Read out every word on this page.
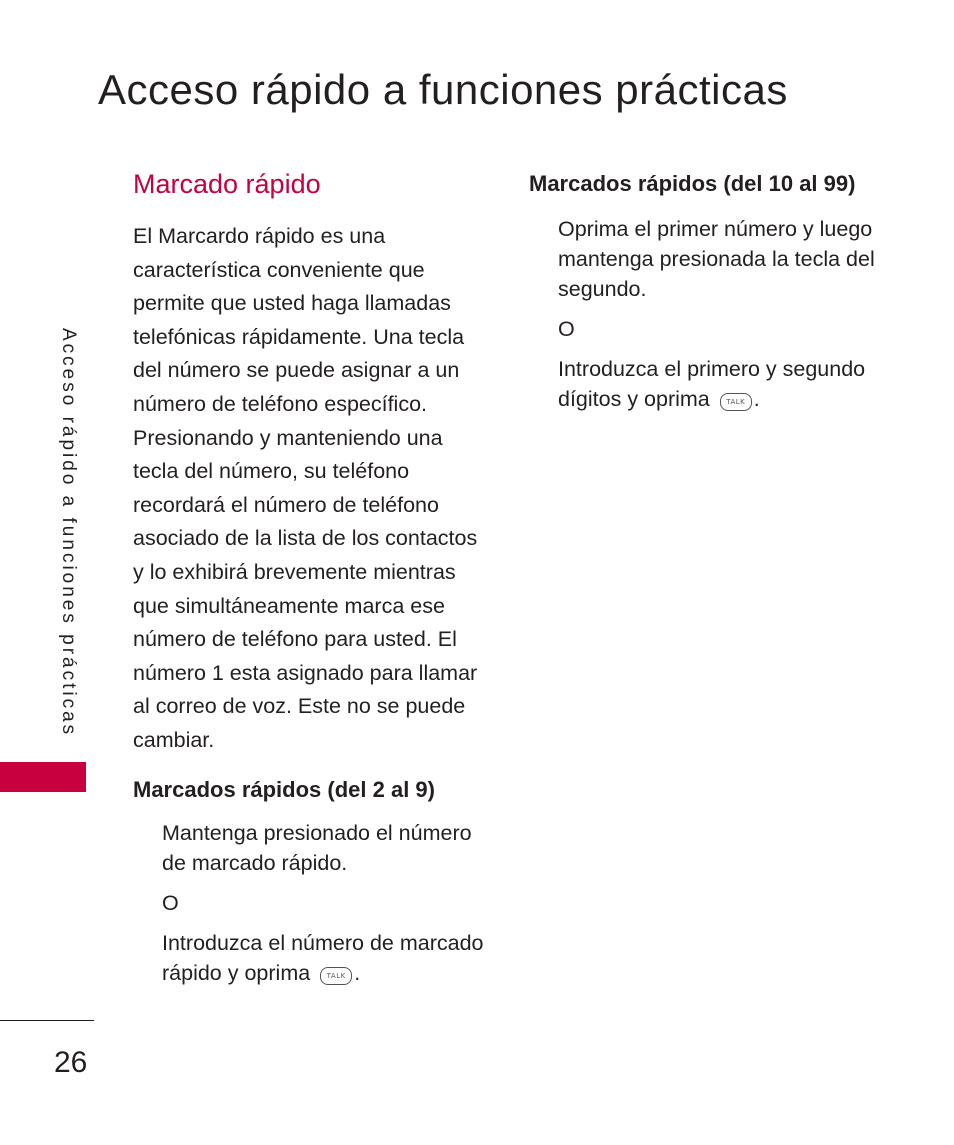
Acceso rápido a funciones prácticas
Acceso rápido a funciones prácticas
Marcado rápido

El Marcardo rápido es una característica conveniente que permite que usted haga llamadas telefónicas rápidamente. Una tecla del número se puede asignar a un número de teléfono específico. Presionando y manteniendo una tecla del número, su teléfono recordará el número de teléfono asociado de la lista de los contactos y lo exhibirá brevemente mientras que simultáneamente marca ese número de teléfono para usted. El número 1 esta asignado para llamar al correo de voz. Este no se puede cambiar.

Marcados rápidos (del 2 al 9)

Mantenga presionado el número de marcado rápido.

O

Introduzca el número de marcado rápido y oprima TALK .

Marcados rápidos (del 10 al 99)

Oprima el primer número y luego mantenga presionada la tecla del segundo.

O

Introduzca el primero y segundo dígitos y oprima TALK .

26
